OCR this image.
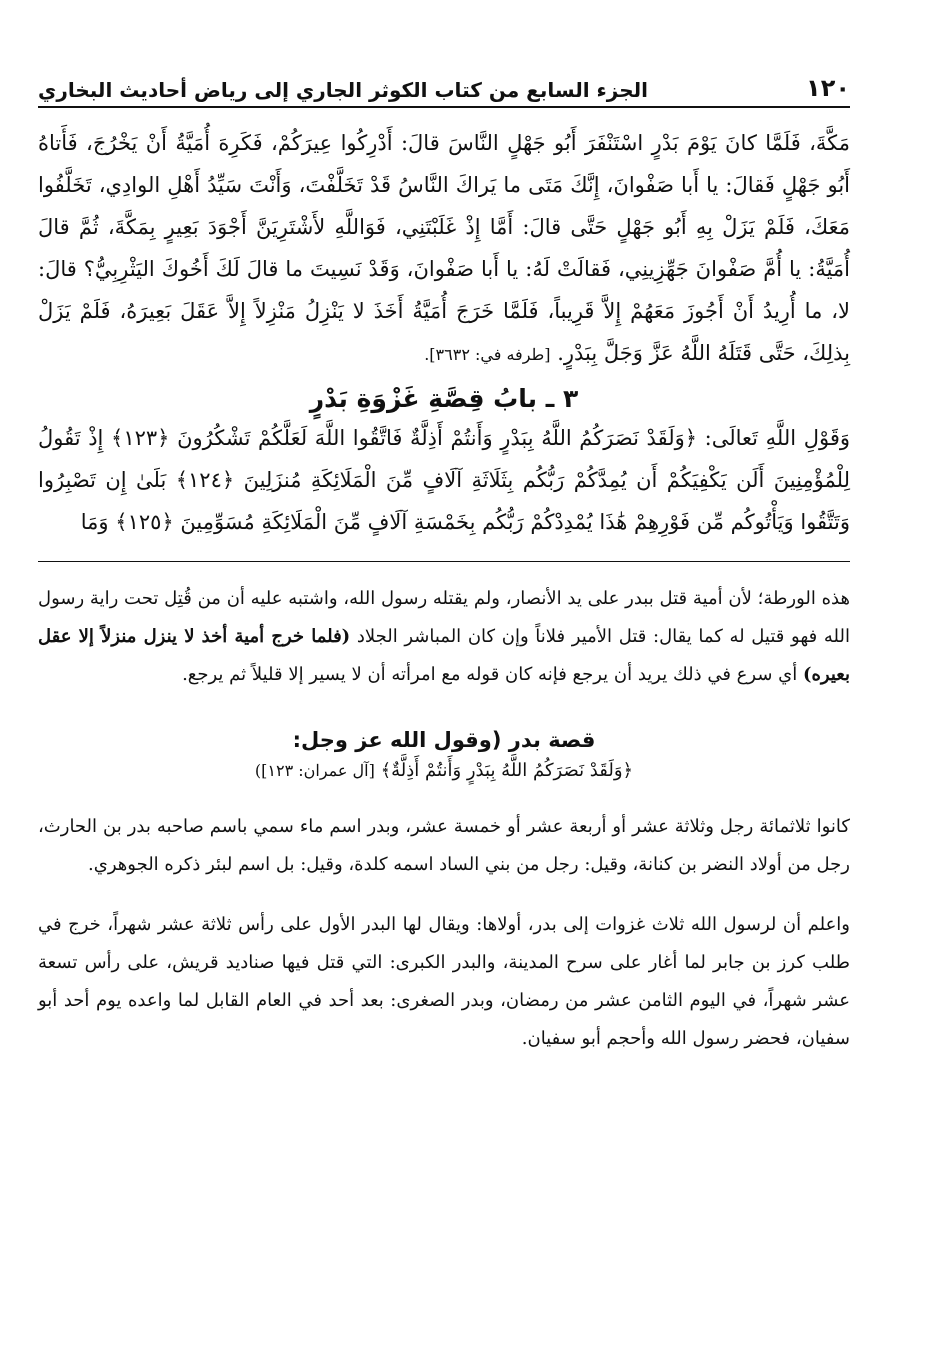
١٢٠
الجزء السابع من كتاب الكوثر الجاري إلى رياض أحاديث البخاري

مَكَّةَ، فَلَمَّا كانَ يَوْمَ بَدْرٍ اسْتَنْفَرَ أَبُو جَهْلٍ النَّاسَ قالَ: أَدْرِكُوا عِيرَكُمْ، فَكَرِهَ أُمَيَّةُ أَنْ يَخْرُجَ، فَأَتاهُ أَبُو جَهْلٍ فَقالَ: يا أَبا صَفْوانَ، إِنَّكَ مَتَى ما يَراكَ النَّاسُ قَدْ تَخَلَّفْتَ، وَأَنْتَ سَيِّدُ أَهْلِ الوادِي، تَخَلَّفُوا مَعَكَ، فَلَمْ يَزَلْ بِهِ أَبُو جَهْلٍ حَتَّى قالَ: أَمَّا إِذْ غَلَبْتَنِي، فَوَاللَّهِ لأَشْتَرِيَنَّ أَجْوَدَ بَعِيرٍ بِمَكَّةَ، ثُمَّ قالَ أُمَيَّةُ: يا أُمَّ صَفْوانَ جَهِّزِينِي، فَقالَتْ لَهُ: يا أَبا صَفْوانَ، وَقَدْ نَسِيتَ ما قالَ لَكَ أَخُوكَ اليَثْرِبِيُّ؟ قالَ: لا، ما أُرِيدُ أَنْ أَجُوزَ مَعَهُمْ إِلاَّ قَرِيباً، فَلَمَّا خَرَجَ أُمَيَّةُ أَخَذَ لا يَنْزِلُ مَنْزِلاً إِلاَّ عَقَلَ بَعِيرَهُ، فَلَمْ يَزَلْ بِذلِكَ، حَتَّى قَتَلَهُ اللَّهُ عَزَّ وَجَلَّ بِبَدْرٍ. [طرفه في: ٣٦٣٢].

٣ ـ بابُ قِصَّةِ غَزْوَةِ بَدْرٍ

وَقَوْلِ اللَّهِ تَعالَى: ﴿وَلَقَدْ نَصَرَكُمُ اللَّهُ بِبَدْرٍ وَأَنتُمْ أَذِلَّةٌ فَاتَّقُوا اللَّهَ لَعَلَّكُمْ تَشْكُرُونَ ﴿١٢٣﴾ إِذْ تَقُولُ لِلْمُؤْمِنِينَ أَلَن يَكْفِيَكُمْ أَن يُمِدَّكُمْ رَبُّكُم بِثَلَاثَةِ آلَافٍ مِّنَ الْمَلَائِكَةِ مُنزَلِينَ ﴿١٢٤﴾ بَلَىٰ إِن تَصْبِرُوا وَتَتَّقُوا وَيَأْتُوكُم مِّن فَوْرِهِمْ هَٰذَا يُمْدِدْكُمْ رَبُّكُم بِخَمْسَةِ آلَافٍ مِّنَ الْمَلَائِكَةِ مُسَوِّمِينَ ﴿١٢٥﴾ وَمَا

هذه الورطة؛ لأن أمية قتل ببدر على يد الأنصار، ولم يقتله رسول الله، واشتبه عليه أن من قُتِل تحت راية رسول الله فهو قتيل له كما يقال: قتل الأمير فلاناً وإن كان المباشر الجلاد (فلما خرج أمية أخذ لا ينزل منزلاً إلا عقل بعيره) أي سرع في ذلك يريد أن يرجع فإنه كان قوله مع امرأته أن لا يسير إلا قليلاً ثم يرجع.

قصة بدر (وقول الله عز وجل:

﴿وَلَقَدْ نَصَرَكُمُ اللَّهُ بِبَدْرٍ وَأَنتُمْ أَذِلَّةٌ﴾ [آل عمران: ١٢٣])

كانوا ثلاثمائة رجل وثلاثة عشر أو أربعة عشر أو خمسة عشر، وبدر اسم ماء سمي باسم صاحبه بدر بن الحارث، رجل من أولاد النضر بن كنانة، وقيل: رجل من بني الساد اسمه كلدة، وقيل: بل اسم لبئر ذكره الجوهري.

واعلم أن لرسول الله ثلاث غزوات إلى بدر، أولاها: ويقال لها البدر الأول على رأس ثلاثة عشر شهراً، خرج في طلب كرز بن جابر لما أغار على سرح المدينة، والبدر الكبرى: التي قتل فيها صناديد قريش، على رأس تسعة عشر شهراً، في اليوم الثامن عشر من رمضان، وبدر الصغرى: بعد أحد في العام القابل لما واعده يوم أحد أبو سفيان، فحضر رسول الله وأحجم أبو سفيان.
